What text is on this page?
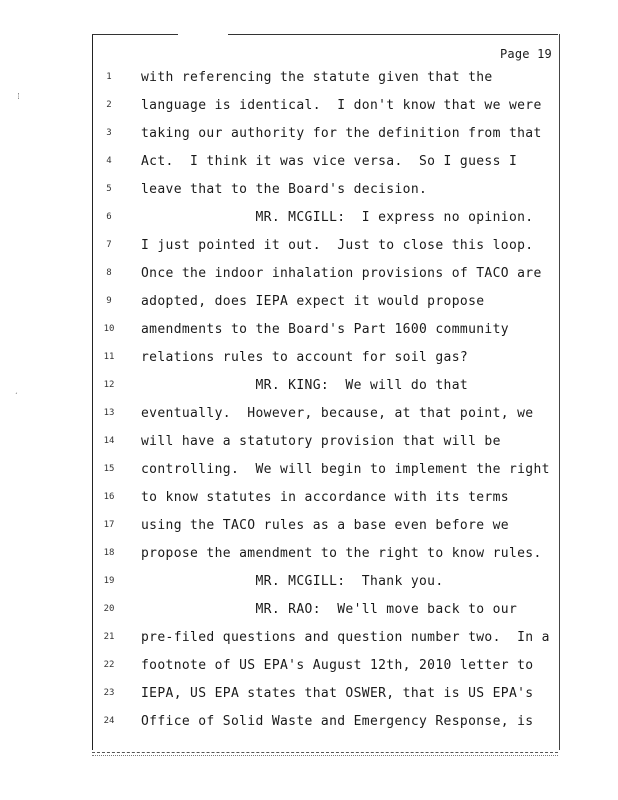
Page 19
1	with referencing the statute given that the
2	language is identical.  I don't know that we were
3	taking our authority for the definition from that
4	Act.  I think it was vice versa.  So I guess I
5	leave that to the Board's decision.
6	MR. MCGILL:  I express no opinion.
7	I just pointed it out.  Just to close this loop.
8	Once the indoor inhalation provisions of TACO are
9	adopted, does IEPA expect it would propose
10	amendments to the Board's Part 1600 community
11	relations rules to account for soil gas?
12	MR. KING:  We will do that
13	eventually.  However, because, at that point, we
14	will have a statutory provision that will be
15	controlling.  We will begin to implement the right
16	to know statutes in accordance with its terms
17	using the TACO rules as a base even before we
18	propose the amendment to the right to know rules.
19	MR. MCGILL:  Thank you.
20	MR. RAO:  We'll move back to our
21	pre-filed questions and question number two.  In a
22	footnote of US EPA's August 12th, 2010 letter to
23	IEPA, US EPA states that OSWER, that is US EPA's
24	Office of Solid Waste and Emergency Response, is
⁞
ˊ
